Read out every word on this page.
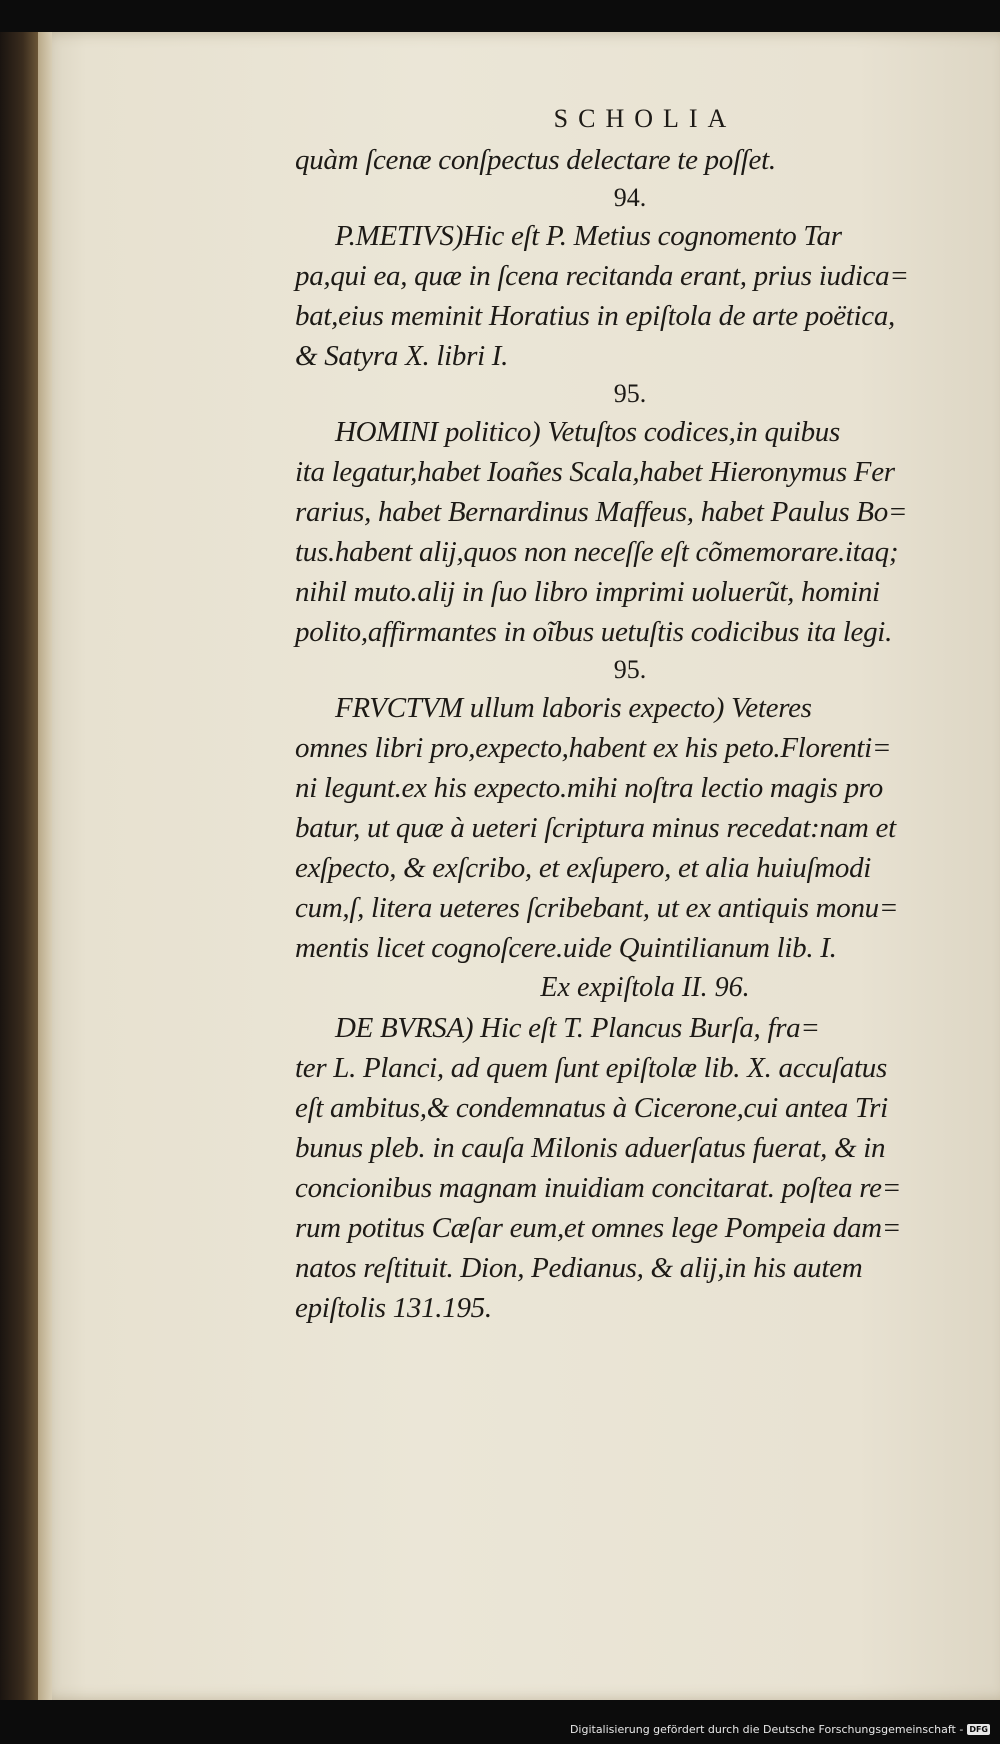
SCHOLIA
quàm ſcenæ conſpectus delectare te poſſet.
94.
P.METIVS)Hic eſt P. Metius cognomento Tar
pa,qui ea, quæ in ſcena recitanda erant, prius iudica=
bat,eius meminit Horatius in epiſtola de arte poëtica,
& Satyra X. libri I.
95.
HOMINI politico) Vetuſtos codices,in quibus
ita legatur,habet Ioañes Scala,habet Hieronymus Fer
rarius, habet Bernardinus Maffeus, habet Paulus Bo=
tus.habent alij,quos non neceſſe eſt cõmemorare.itaq;
nihil muto.alij in ſuo libro imprimi uoluerũt, homini
polito,affirmantes in oĩbus uetuſtis codicibus ita legi.
95.
FRVCTVM ullum laboris expecto) Veteres
omnes libri pro,expecto,habent ex his peto.Florenti=
ni legunt.ex his expecto.mihi noſtra lectio magis pro
batur, ut quæ à ueteri ſcriptura minus recedat:nam et
exſpecto, & exſcribo, et exſupero, et alia huiuſmodi
cum,ſ, litera ueteres ſcribebant, ut ex antiquis monu=
mentis licet cognoſcere.uide Quintilianum lib. I.
Ex expiſtola II. 96.
DE BVRSA) Hic eſt T. Plancus Burſa, fra=
ter L. Planci, ad quem ſunt epiſtolæ lib. X. accuſatus
eſt ambitus,& condemnatus à Cicerone,cui antea Tri
bunus pleb. in cauſa Milonis aduerſatus fuerat, & in
concionibus magnam inuidiam concitarat. poſtea re=
rum potitus Cæſar eum,et omnes lege Pompeia dam=
natos reſtituit. Dion, Pedianus, & alij,in his autem
epiſtolis 131.195.
Digitalisierung gefördert durch die Deutsche Forschungsgemeinschaft - DFG
